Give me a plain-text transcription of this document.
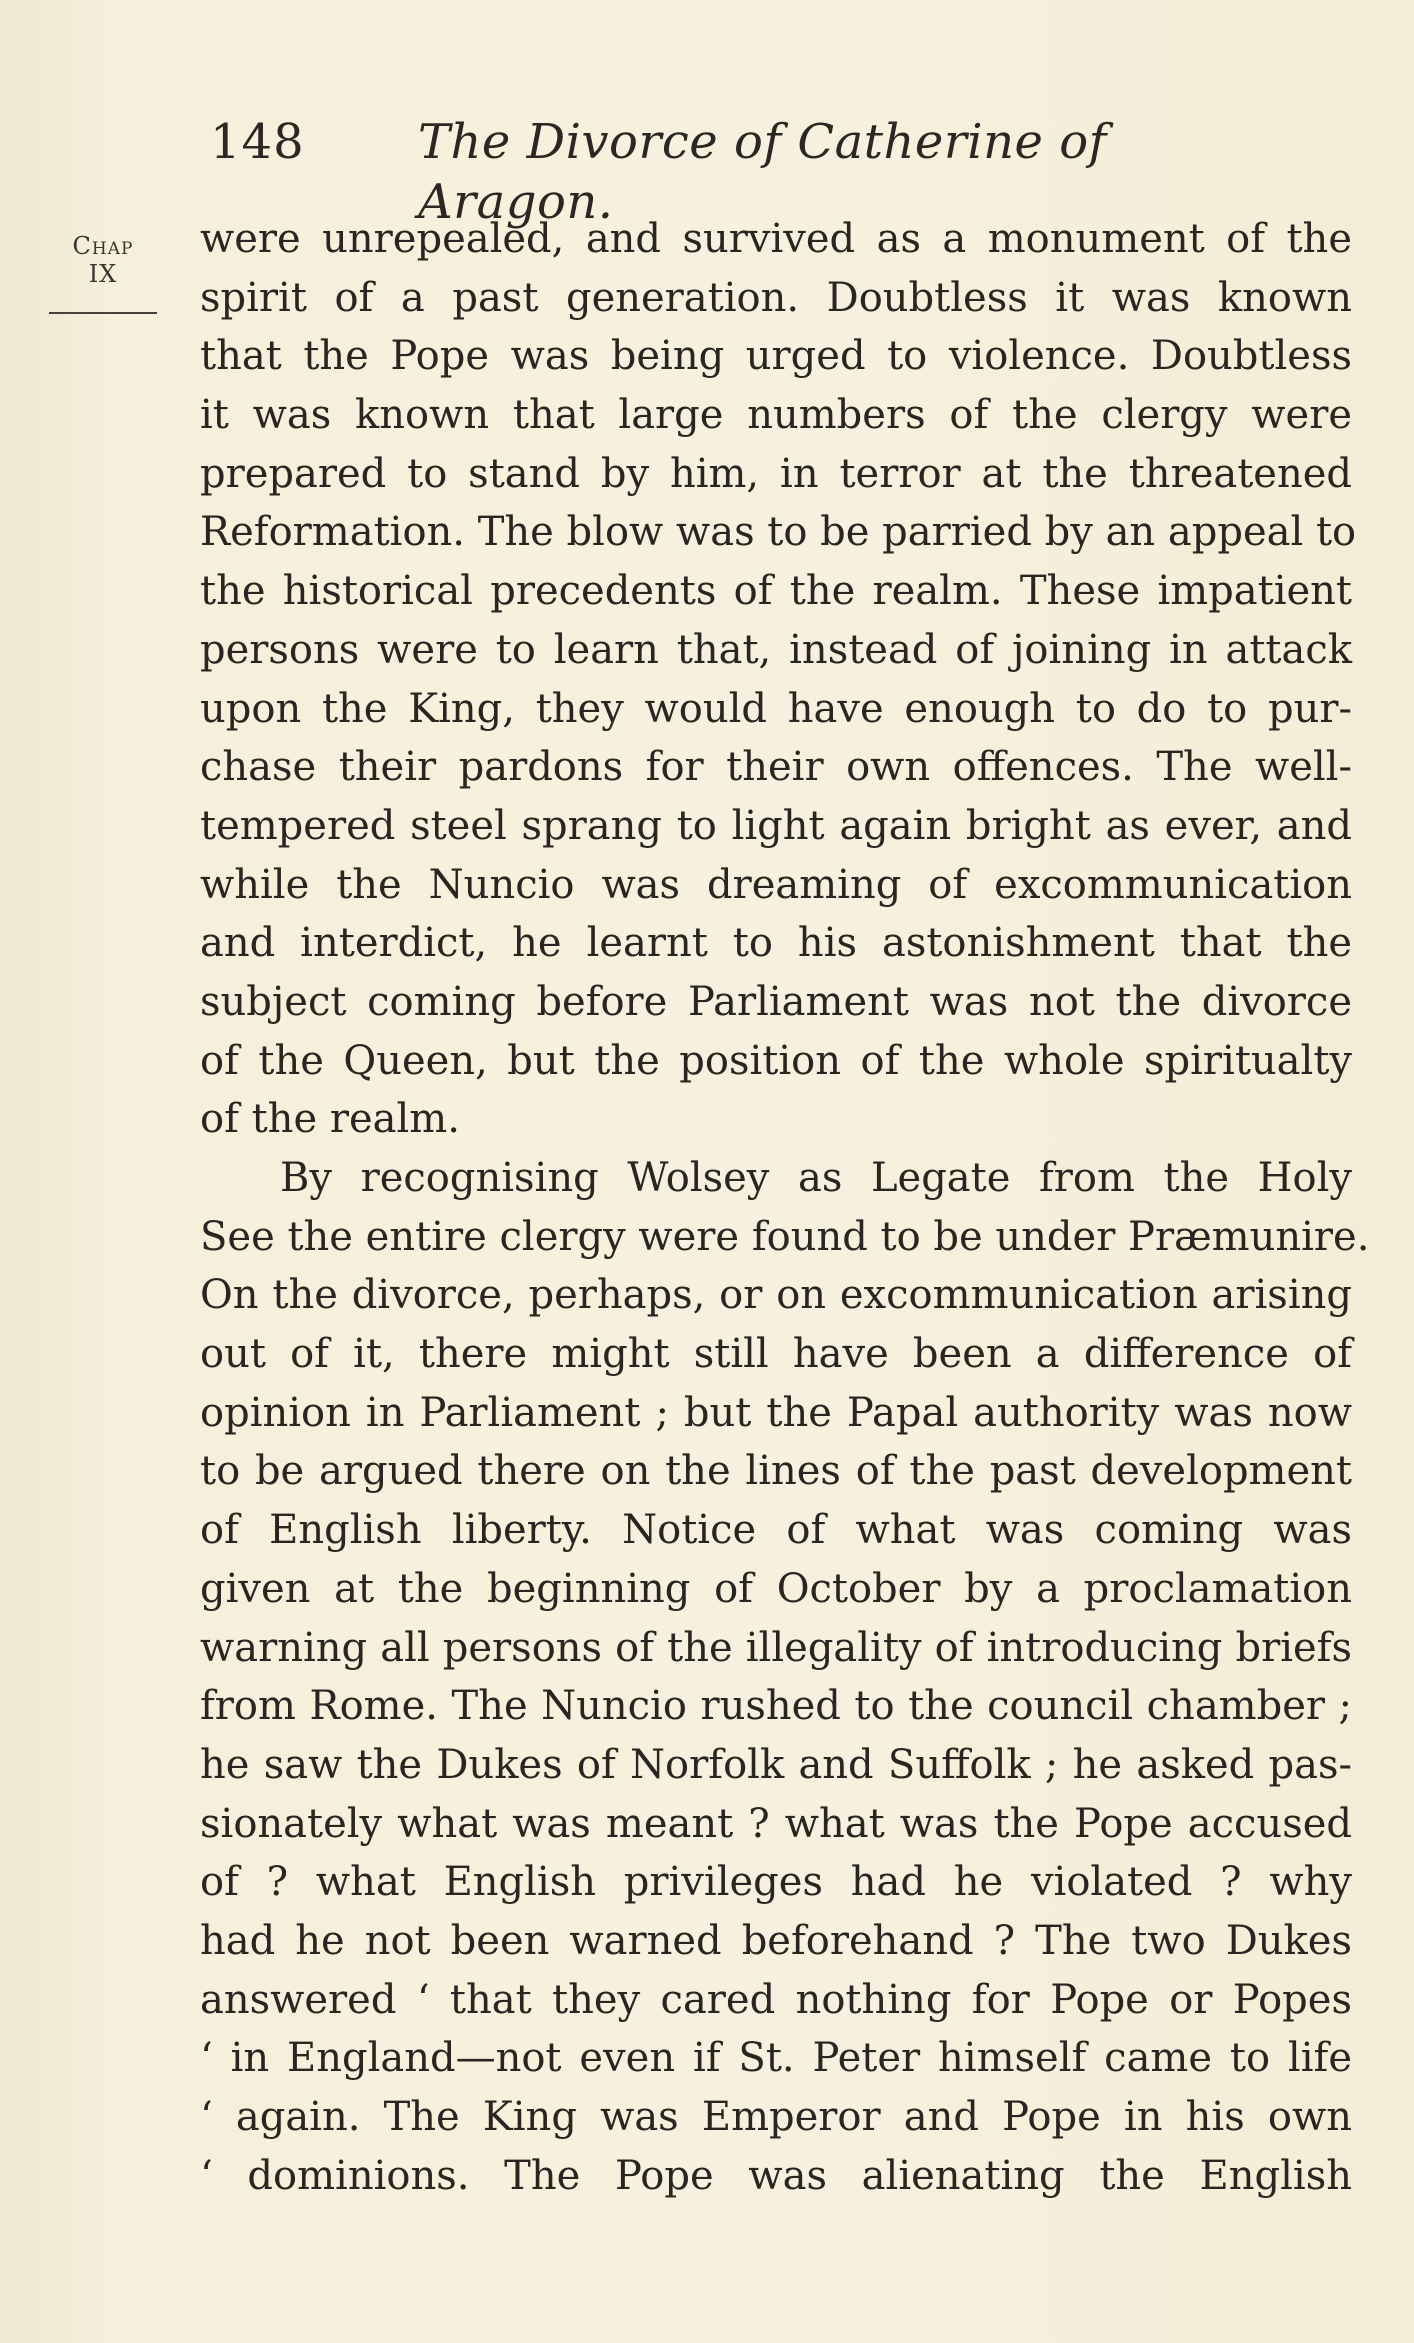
148 The Divorce of Catherine of Aragon.
Chap
IX
were unrepealed, and survived as a monument of the
spirit of a past generation. Doubtless it was known
that the Pope was being urged to violence. Doubtless
it was known that large numbers of the clergy were
prepared to stand by him, in terror at the threatened
Reformation. The blow was to be parried by an appeal to
the historical precedents of the realm. These impatient
persons were to learn that, instead of joining in attack
upon the King, they would have enough to do to pur-
chase their pardons for their own offences. The well-
tempered steel sprang to light again bright as ever, and
while the Nuncio was dreaming of excommunication
and interdict, he learnt to his astonishment that the
subject coming before Parliament was not the divorce
of the Queen, but the position of the whole spiritualty
of the realm.
By recognising Wolsey as Legate from the Holy
See the entire clergy were found to be under Præmunire.
On the divorce, perhaps, or on excommunication arising
out of it, there might still have been a difference of
opinion in Parliament ; but the Papal authority was now
to be argued there on the lines of the past development
of English liberty. Notice of what was coming was
given at the beginning of October by a proclamation
warning all persons of the illegality of introducing briefs
from Rome. The Nuncio rushed to the council chamber ;
he saw the Dukes of Norfolk and Suffolk ; he asked pas-
sionately what was meant ? what was the Pope accused
of ? what English privileges had he violated ? why
had he not been warned beforehand ? The two Dukes
answered ‘ that they cared nothing for Pope or Popes
‘ in England—not even if St. Peter himself came to life
‘ again. The King was Emperor and Pope in his own
‘ dominions. The Pope was alienating the English
